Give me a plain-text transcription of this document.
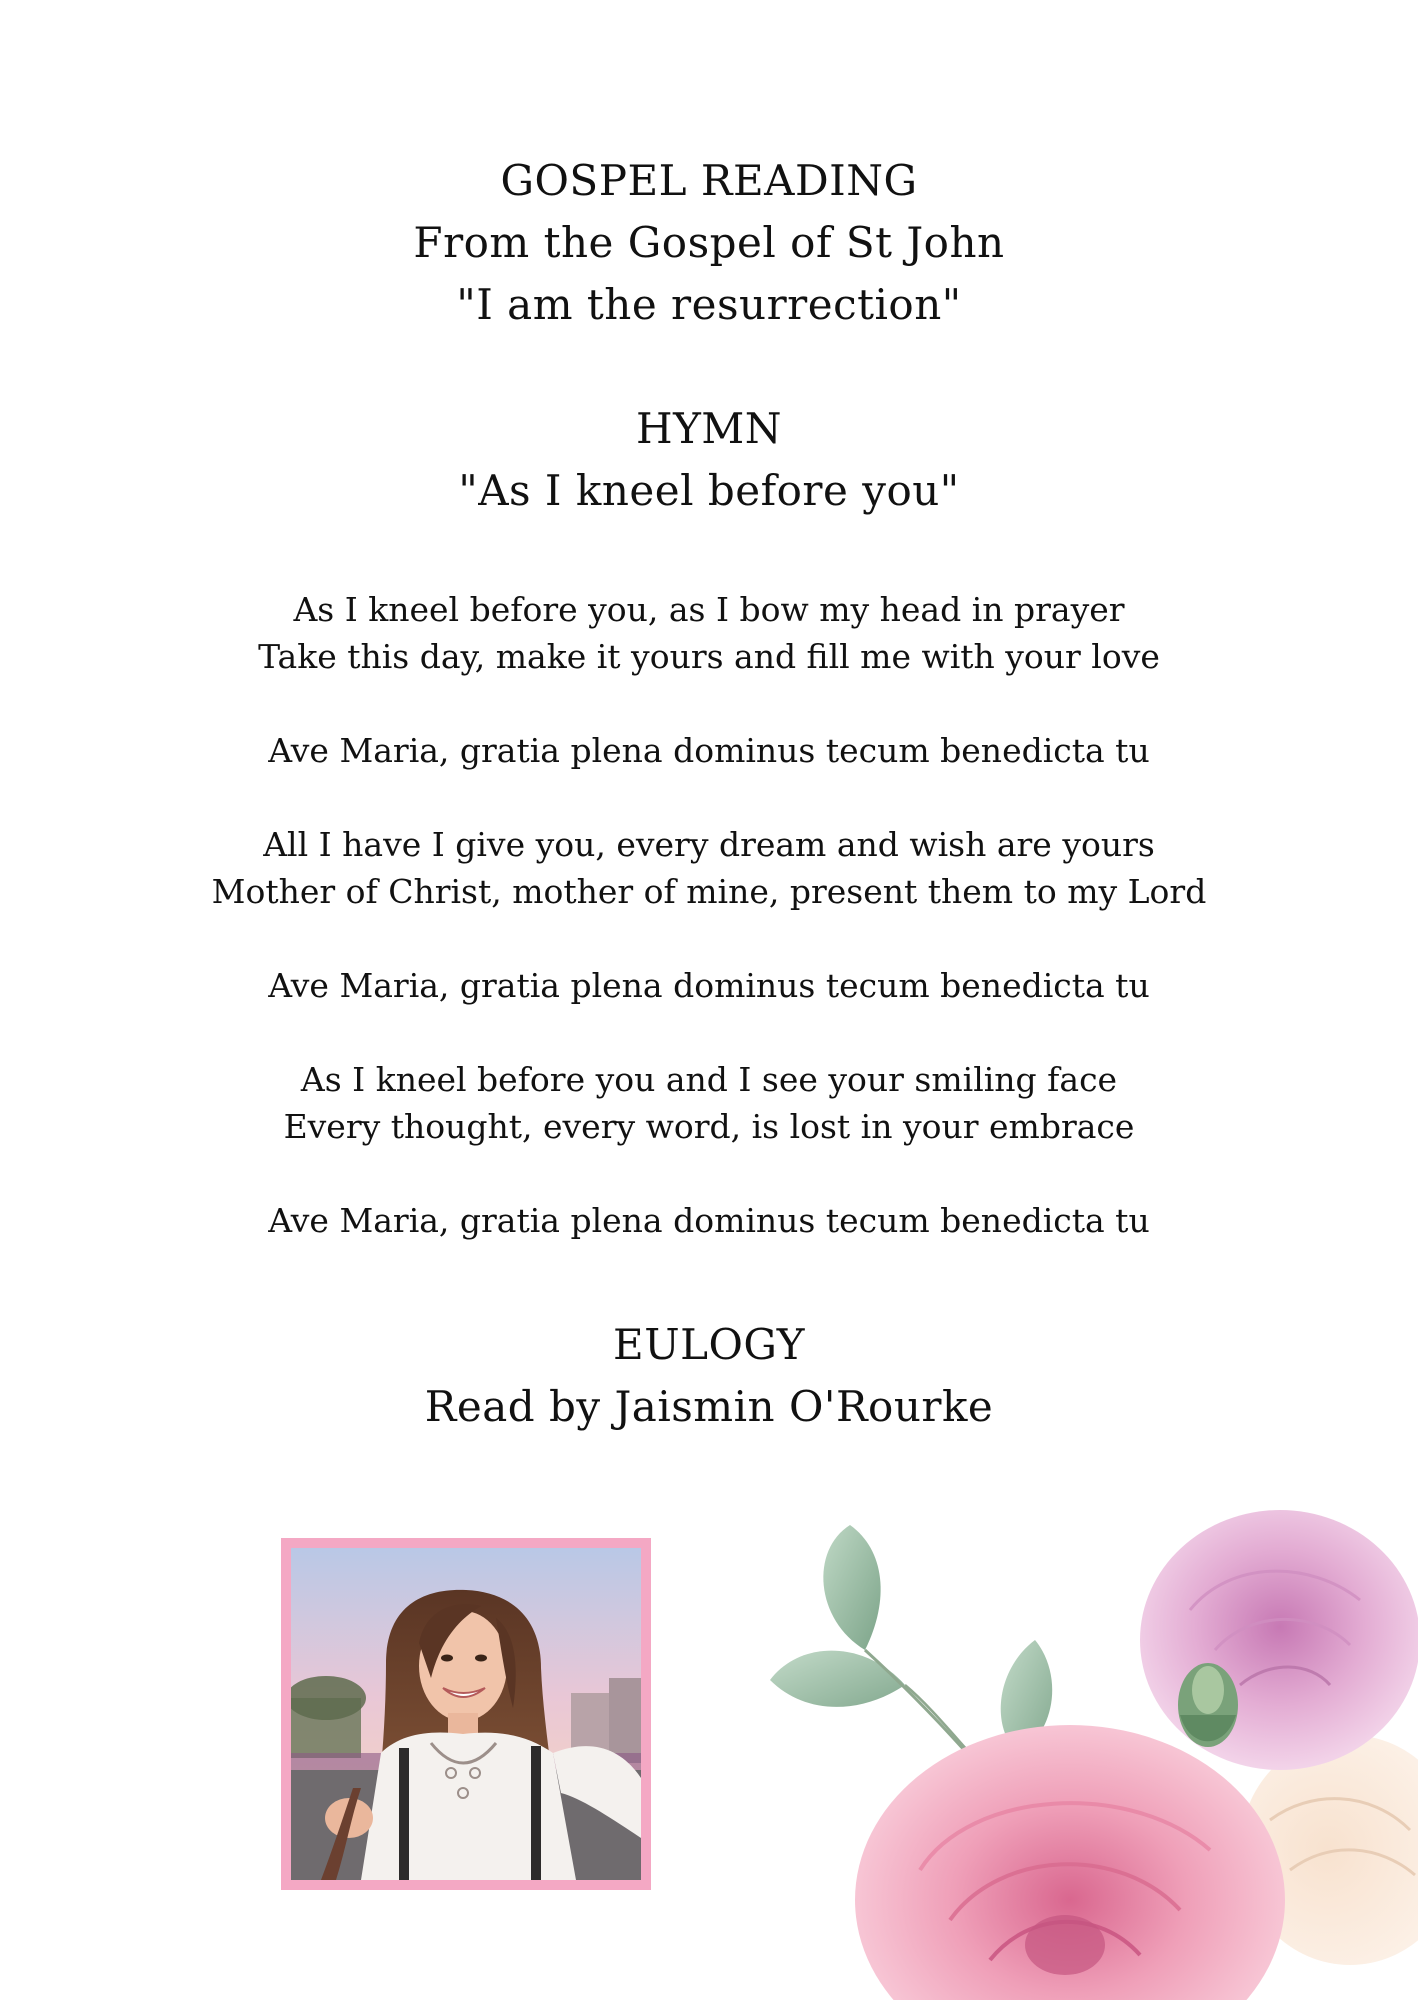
GOSPEL READING
From the Gospel of St John
"I am the resurrection"
HYMN
"As I kneel before you"
As I kneel before you, as I bow my head in prayer
Take this day, make it yours and fill me with your love
Ave Maria, gratia plena dominus tecum benedicta tu
All I have I give you, every dream and wish are yours
Mother of Christ, mother of mine, present them to my Lord
Ave Maria, gratia plena dominus tecum benedicta tu
As I kneel before you and I see your smiling face
Every thought, every word, is lost in your embrace
Ave Maria, gratia plena dominus tecum benedicta tu
EULOGY
Read by Jaismin O'Rourke
